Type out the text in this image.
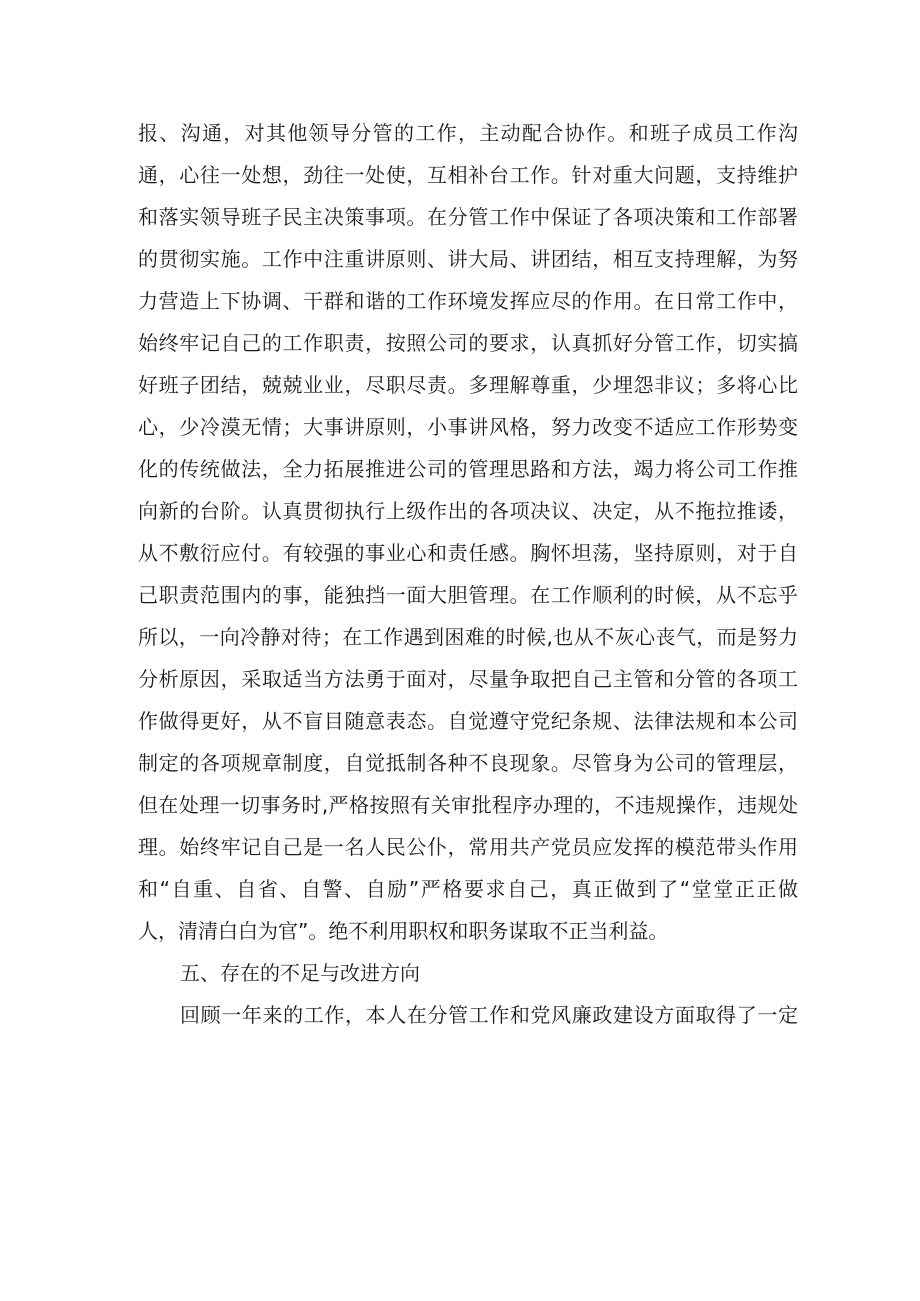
报、沟通，对其他领导分管的工作，主动配合协作。和班子成员工作沟
通，心往一处想，劲往一处使，互相补台工作。针对重大问题，支持维护
和落实领导班子民主决策事项。在分管工作中保证了各项决策和工作部署
的贯彻实施。工作中注重讲原则、讲大局、讲团结，相互支持理解，为努
力营造上下协调、干群和谐的工作环境发挥应尽的作用。在日常工作中，
始终牢记自己的工作职责，按照公司的要求，认真抓好分管工作，切实搞
好班子团结，兢兢业业，尽职尽责。多理解尊重，少埋怨非议；多将心比
心，少冷漠无情；大事讲原则，小事讲风格，努力改变不适应工作形势变
化的传统做法，全力拓展推进公司的管理思路和方法，竭力将公司工作推
向新的台阶。认真贯彻执行上级作出的各项决议、决定，从不拖拉推诿，
从不敷衍应付。有较强的事业心和责任感。胸怀坦荡，坚持原则，对于自
己职责范围内的事，能独挡一面大胆管理。在工作顺利的时候，从不忘乎
所以，一向冷静对待；在工作遇到困难的时候,也从不灰心丧气，而是努力
分析原因，采取适当方法勇于面对，尽量争取把自己主管和分管的各项工
作做得更好，从不盲目随意表态。自觉遵守党纪条规、法律法规和本公司
制定的各项规章制度，自觉抵制各种不良现象。尽管身为公司的管理层，
但在处理一切事务时,严格按照有关审批程序办理的，不违规操作，违规处
理。始终牢记自己是一名人民公仆，常用共产党员应发挥的模范带头作用
和“自重、自省、自警、自励”严格要求自己，真正做到了“堂堂正正做
人，清清白白为官”。绝不利用职权和职务谋取不正当利益。
五、存在的不足与改进方向
回顾一年来的工作，本人在分管工作和党风廉政建设方面取得了一定
